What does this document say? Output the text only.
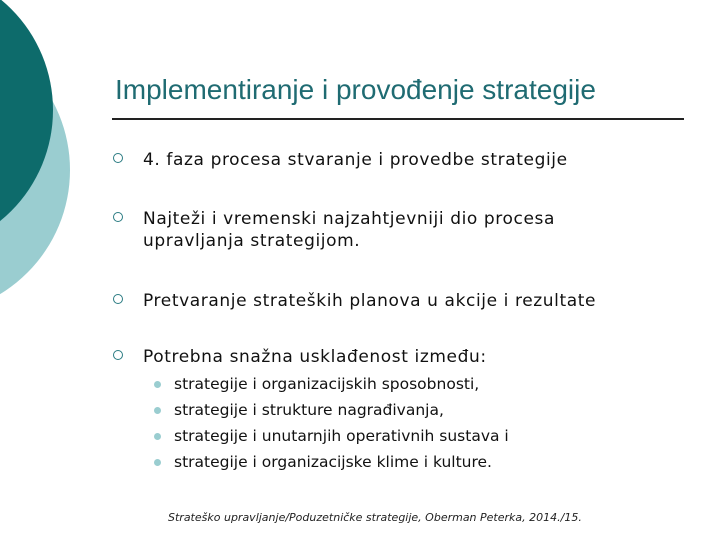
Implementiranje i provođenje strategije
4. faza procesa stvaranje i provedbe strategije
Najteži i vremenski najzahtjevniji dio procesa upravljanja strategijom.
Pretvaranje strateških planova u akcije i rezultate
Potrebna snažna usklađenost između:
strategije i organizacijskih sposobnosti,
strategije i strukture nagrađivanja,
strategije i unutarnjih operativnih sustava i
strategije i organizacijske klime i kulture.
Strateško upravljanje/Poduzetničke strategije, Oberman Peterka, 2014./15.
